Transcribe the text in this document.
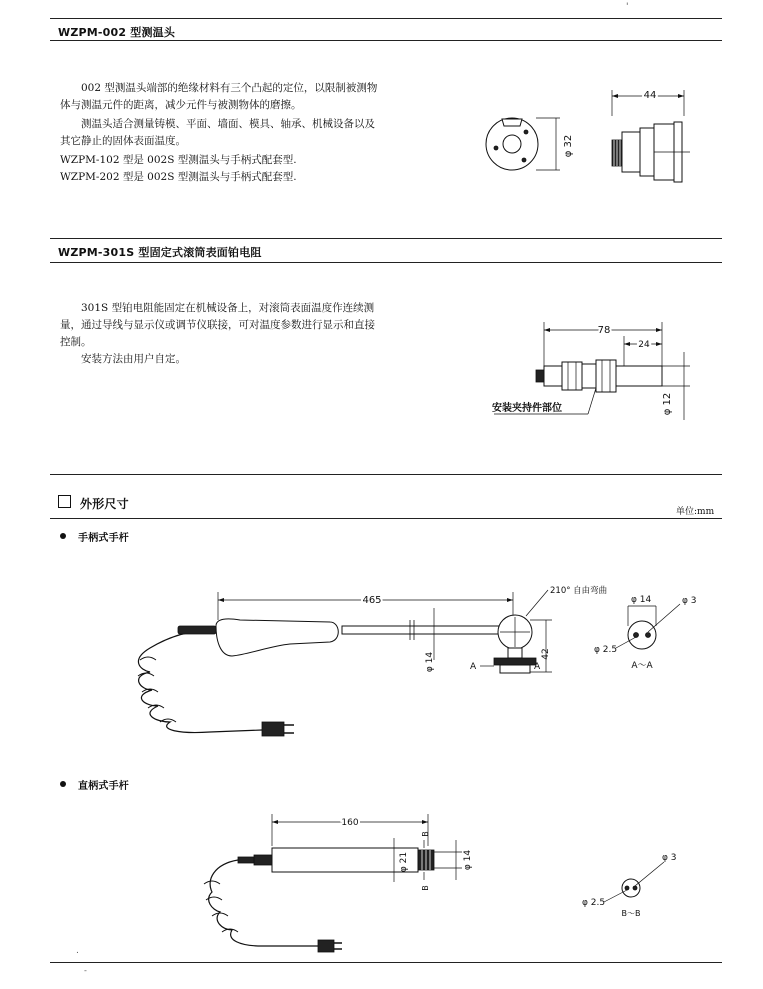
'
WZPM-002 型测温头

002 型测温头端部的绝缘材料有三个凸起的定位，以限制被测物体与测温元件的距离，减少元件与被测物体的磨擦。

测温头适合测量铸模、平面、墙面、模具、轴承、机械设备以及其它静止的固体表面温度。

WZPM-102 型是 002S 型测温头与手柄式配套型.

WZPM-202 型是 002S 型测温头与手柄式配套型.

φ 32
44
WZPM-301S 型固定式滚筒表面铂电阻

301S 型铂电阻能固定在机械设备上，对滚筒表面温度作连续测量，通过导线与显示仪或调节仪联接，可对温度参数进行显示和直接控制。

安装方法由用户自定。

78
24
φ 12
安装夹持件部位
外形尺寸
单位:mm
手柄式手杆
465
φ 14	A	A
42
210° 自由弯曲
φ 14	φ 3
φ 2.5
A～A
直柄式手杆
160
φ 21	φ 14
B
B
φ 3
φ 2.5
B～B
.
-
